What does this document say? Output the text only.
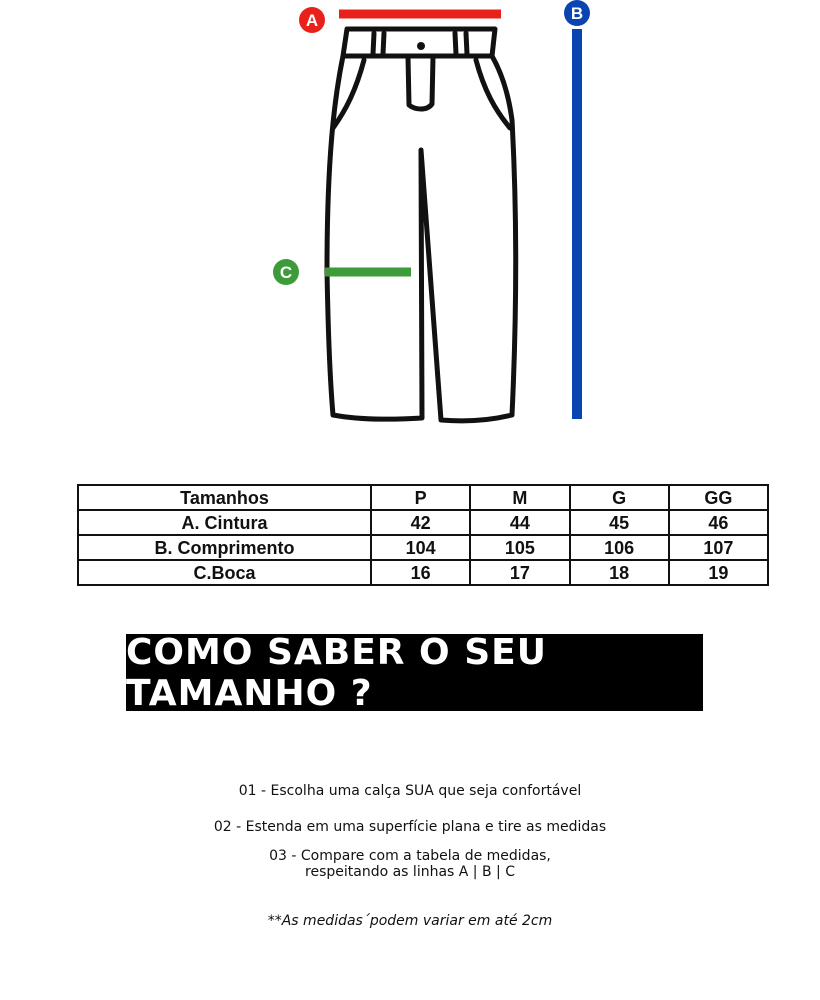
A	B
C
Tamanhos	P	M	G	GG
A. Cintura	42	44	45	46
B. Comprimento	104	105	106	107
C.Boca	16	17	18	19
COMO SABER O SEU TAMANHO ?
01 - Escolha uma calça SUA que seja confortável
02 - Estenda em uma superfície plana e tire as medidas
03 - Compare com a tabela de medidas,
respeitando as linhas A | B | C
**As medidas´podem variar em até 2cm
